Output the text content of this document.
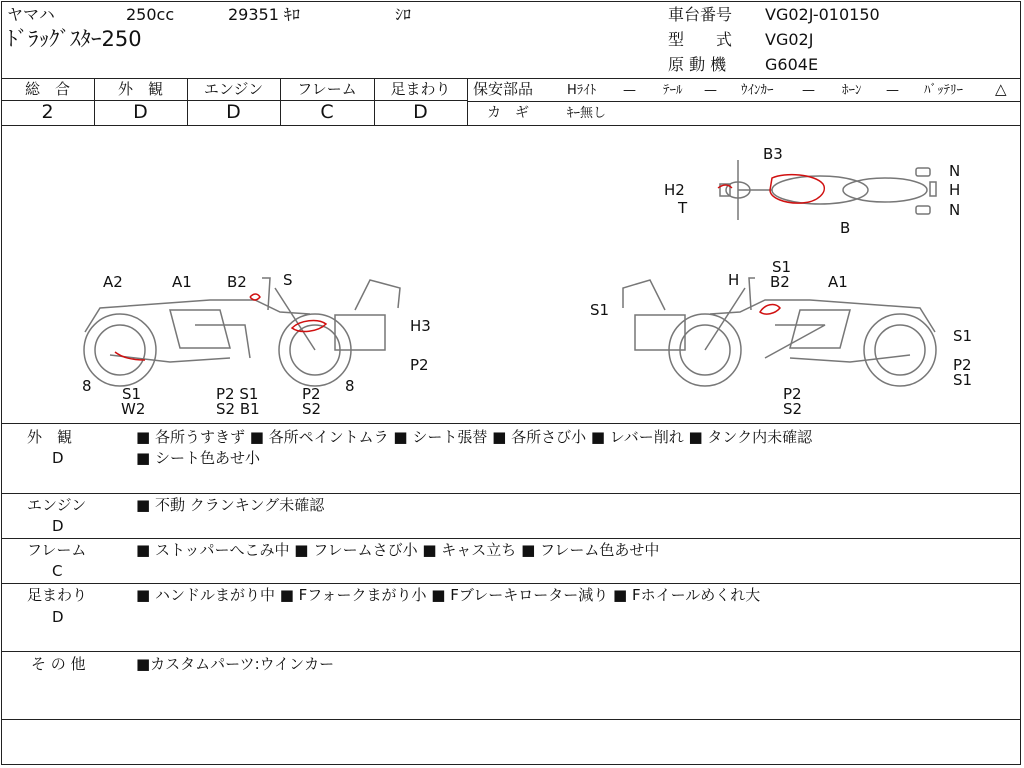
ヤマハ	250cc	29351 ｷﾛ	ｼﾛ
ﾄﾞﾗｯｸﾞｽﾀｰ250
車台番号 VG02J-010150
型　　式 VG02J
原 動 機 G604E
総　合	外　観	エンジン	フレーム	足まわり
2	D	D	C	D
保安部品	Hﾗｲﾄ — ﾃｰﾙ — ｳｲﾝｶｰ — ﾎｰﾝ — ﾊﾞｯﾃﾘｰ △
カ　ギ	ｷｰ無し
B3
H2
T
N
H
N
B
A2	A1 B2 S
H3
P2
8 S1
W2
P2 S1
S2 B1
P2
S2
8
H
S1
B2	A1
S1
S1
P2
S1
P2
S2
外　観
D
■ 各所うすきず ■ 各所ペイントムラ ■ シート張替 ■ 各所さび小 ■ レバー削れ ■ タンク内未確認
■ シート色あせ小
エンジン
D
■ 不動 クランキング未確認
フレーム
C
■ ストッパーへこみ中 ■ フレームさび小 ■ キャス立ち ■ フレーム色あせ中
足まわり
D
■ ハンドルまがり中 ■ Fフォークまがり小 ■ Fブレーキローター減り ■ Fホイールめくれ大
そ の 他	■カスタムパーツ:ウインカー
